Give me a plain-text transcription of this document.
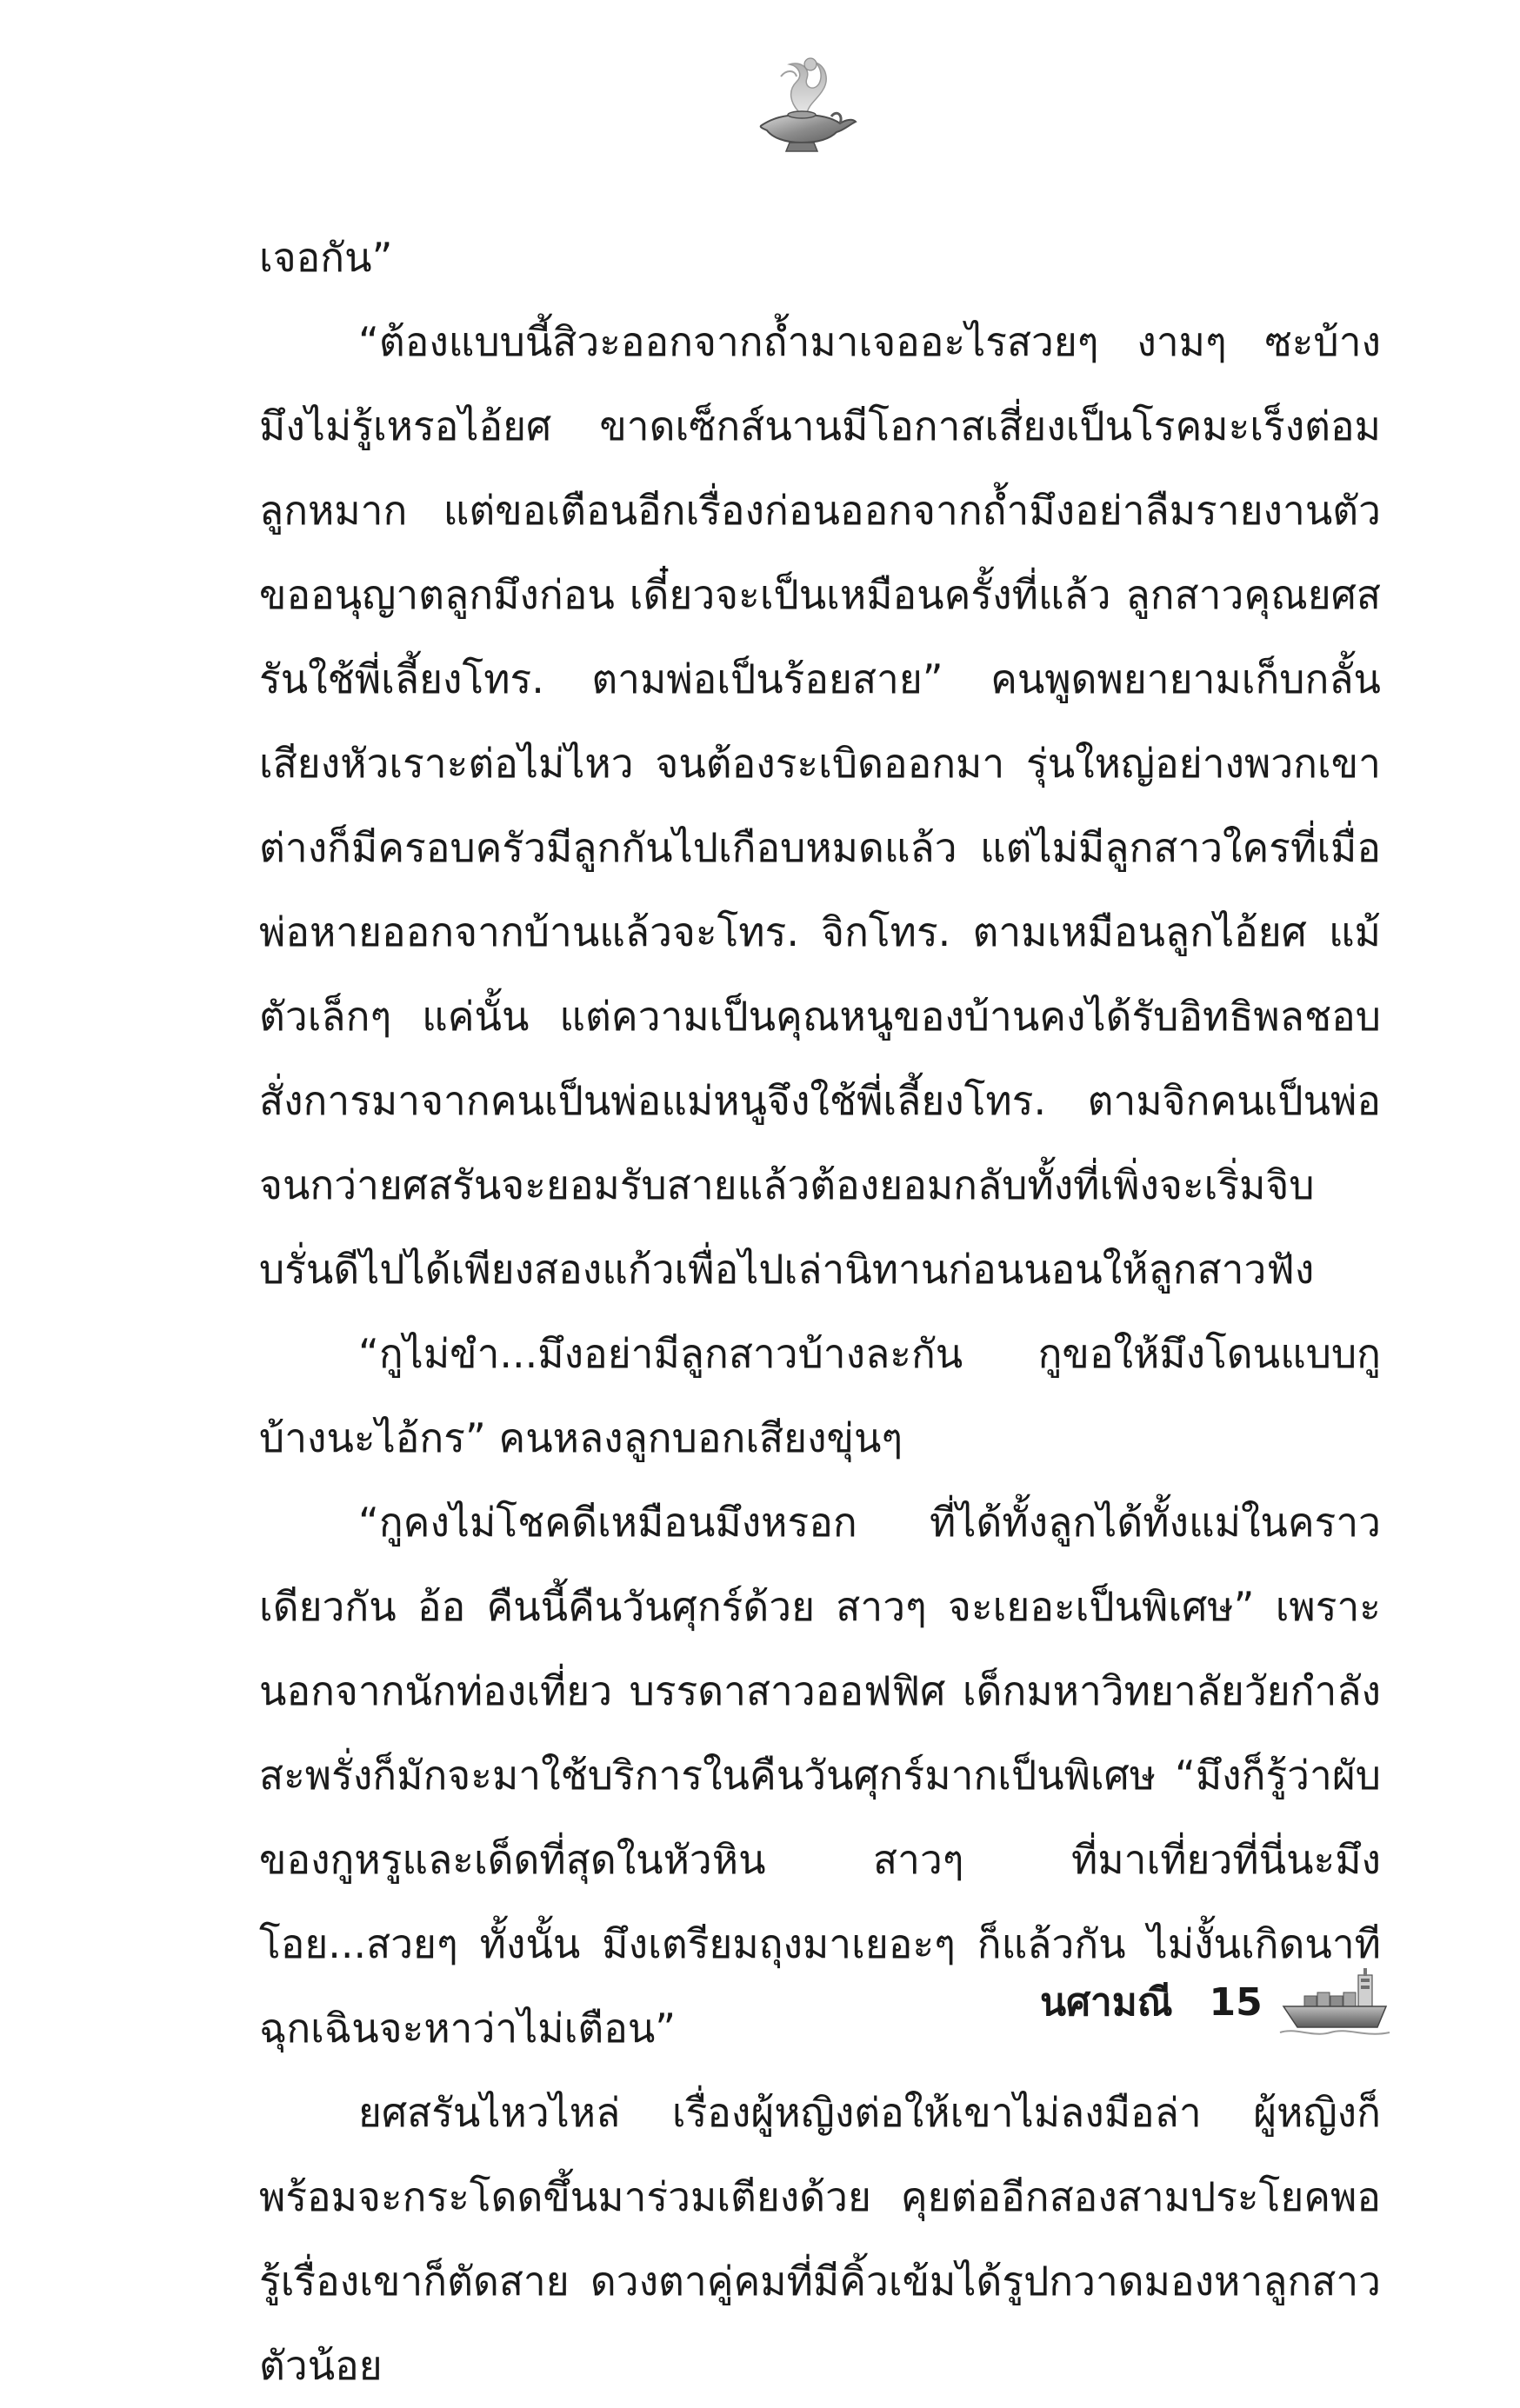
เจอกัน”

“ต้องแบบนี้สิวะออกจากถ้ำมาเจออะไรสวยๆ งามๆ ซะบ้าง มึงไม่รู้เหรอไอ้ยศ ขาดเซ็กส์นานมีโอกาสเสี่ยงเป็นโรคมะเร็งต่อมลูกหมาก แต่ขอเตือนอีกเรื่องก่อนออกจากถ้ำมึงอย่าลืมรายงานตัวขออนุญาตลูกมึงก่อน เดี๋ยวจะเป็นเหมือนครั้งที่แล้ว ลูกสาวคุณยศสรันใช้พี่เลี้ยงโทร. ตามพ่อเป็นร้อยสาย” คนพูดพยายามเก็บกลั้นเสียงหัวเราะต่อไม่ไหว จนต้องระเบิดออกมา รุ่นใหญ่อย่างพวกเขาต่างก็มีครอบครัวมีลูกกันไปเกือบหมดแล้ว แต่ไม่มีลูกสาวใครที่เมื่อพ่อหายออกจากบ้านแล้วจะโทร. จิกโทร. ตามเหมือนลูกไอ้ยศ แม้ตัวเล็กๆ แค่นั้น แต่ความเป็นคุณหนูของบ้านคงได้รับอิทธิพลชอบสั่งการมาจากคนเป็นพ่อแม่หนูจึงใช้พี่เลี้ยงโทร. ตามจิกคนเป็นพ่อจนกว่ายศสรันจะยอมรับสายแล้วต้องยอมกลับทั้งที่เพิ่งจะเริ่มจิบบรั่นดีไปได้เพียงสองแก้วเพื่อไปเล่านิทานก่อนนอนให้ลูกสาวฟัง

“กูไม่ขำ...มึงอย่ามีลูกสาวบ้างละกัน กูขอให้มึงโดนแบบกูบ้างนะไอ้กร” คนหลงลูกบอกเสียงขุ่นๆ

“กูคงไม่โชคดีเหมือนมึงหรอก ที่ได้ทั้งลูกได้ทั้งแม่ในคราวเดียวกัน อ้อ คืนนี้คืนวันศุกร์ด้วย สาวๆ จะเยอะเป็นพิเศษ” เพราะนอกจากนักท่องเที่ยว บรรดาสาวออฟฟิศ เด็กมหาวิทยาลัยวัยกำลังสะพรั่งก็มักจะมาใช้บริการในคืนวันศุกร์มากเป็นพิเศษ “มึงก็รู้ว่าผับของกูหรูและเด็ดที่สุดในหัวหิน สาวๆ ที่มาเที่ยวที่นี่นะมึง โอย...สวยๆ ทั้งนั้น มึงเตรียมถุงมาเยอะๆ ก็แล้วกัน ไม่งั้นเกิดนาทีฉุกเฉินจะหาว่าไม่เตือน”

ยศสรันไหวไหล่ เรื่องผู้หญิงต่อให้เขาไม่ลงมือล่า ผู้หญิงก็พร้อมจะกระโดดขึ้นมาร่วมเตียงด้วย คุยต่ออีกสองสามประโยคพอรู้เรื่องเขาก็ตัดสาย ดวงตาคู่คมที่มีคิ้วเข้มได้รูปกวาดมองหาลูกสาวตัวน้อย

นศามณี 15
